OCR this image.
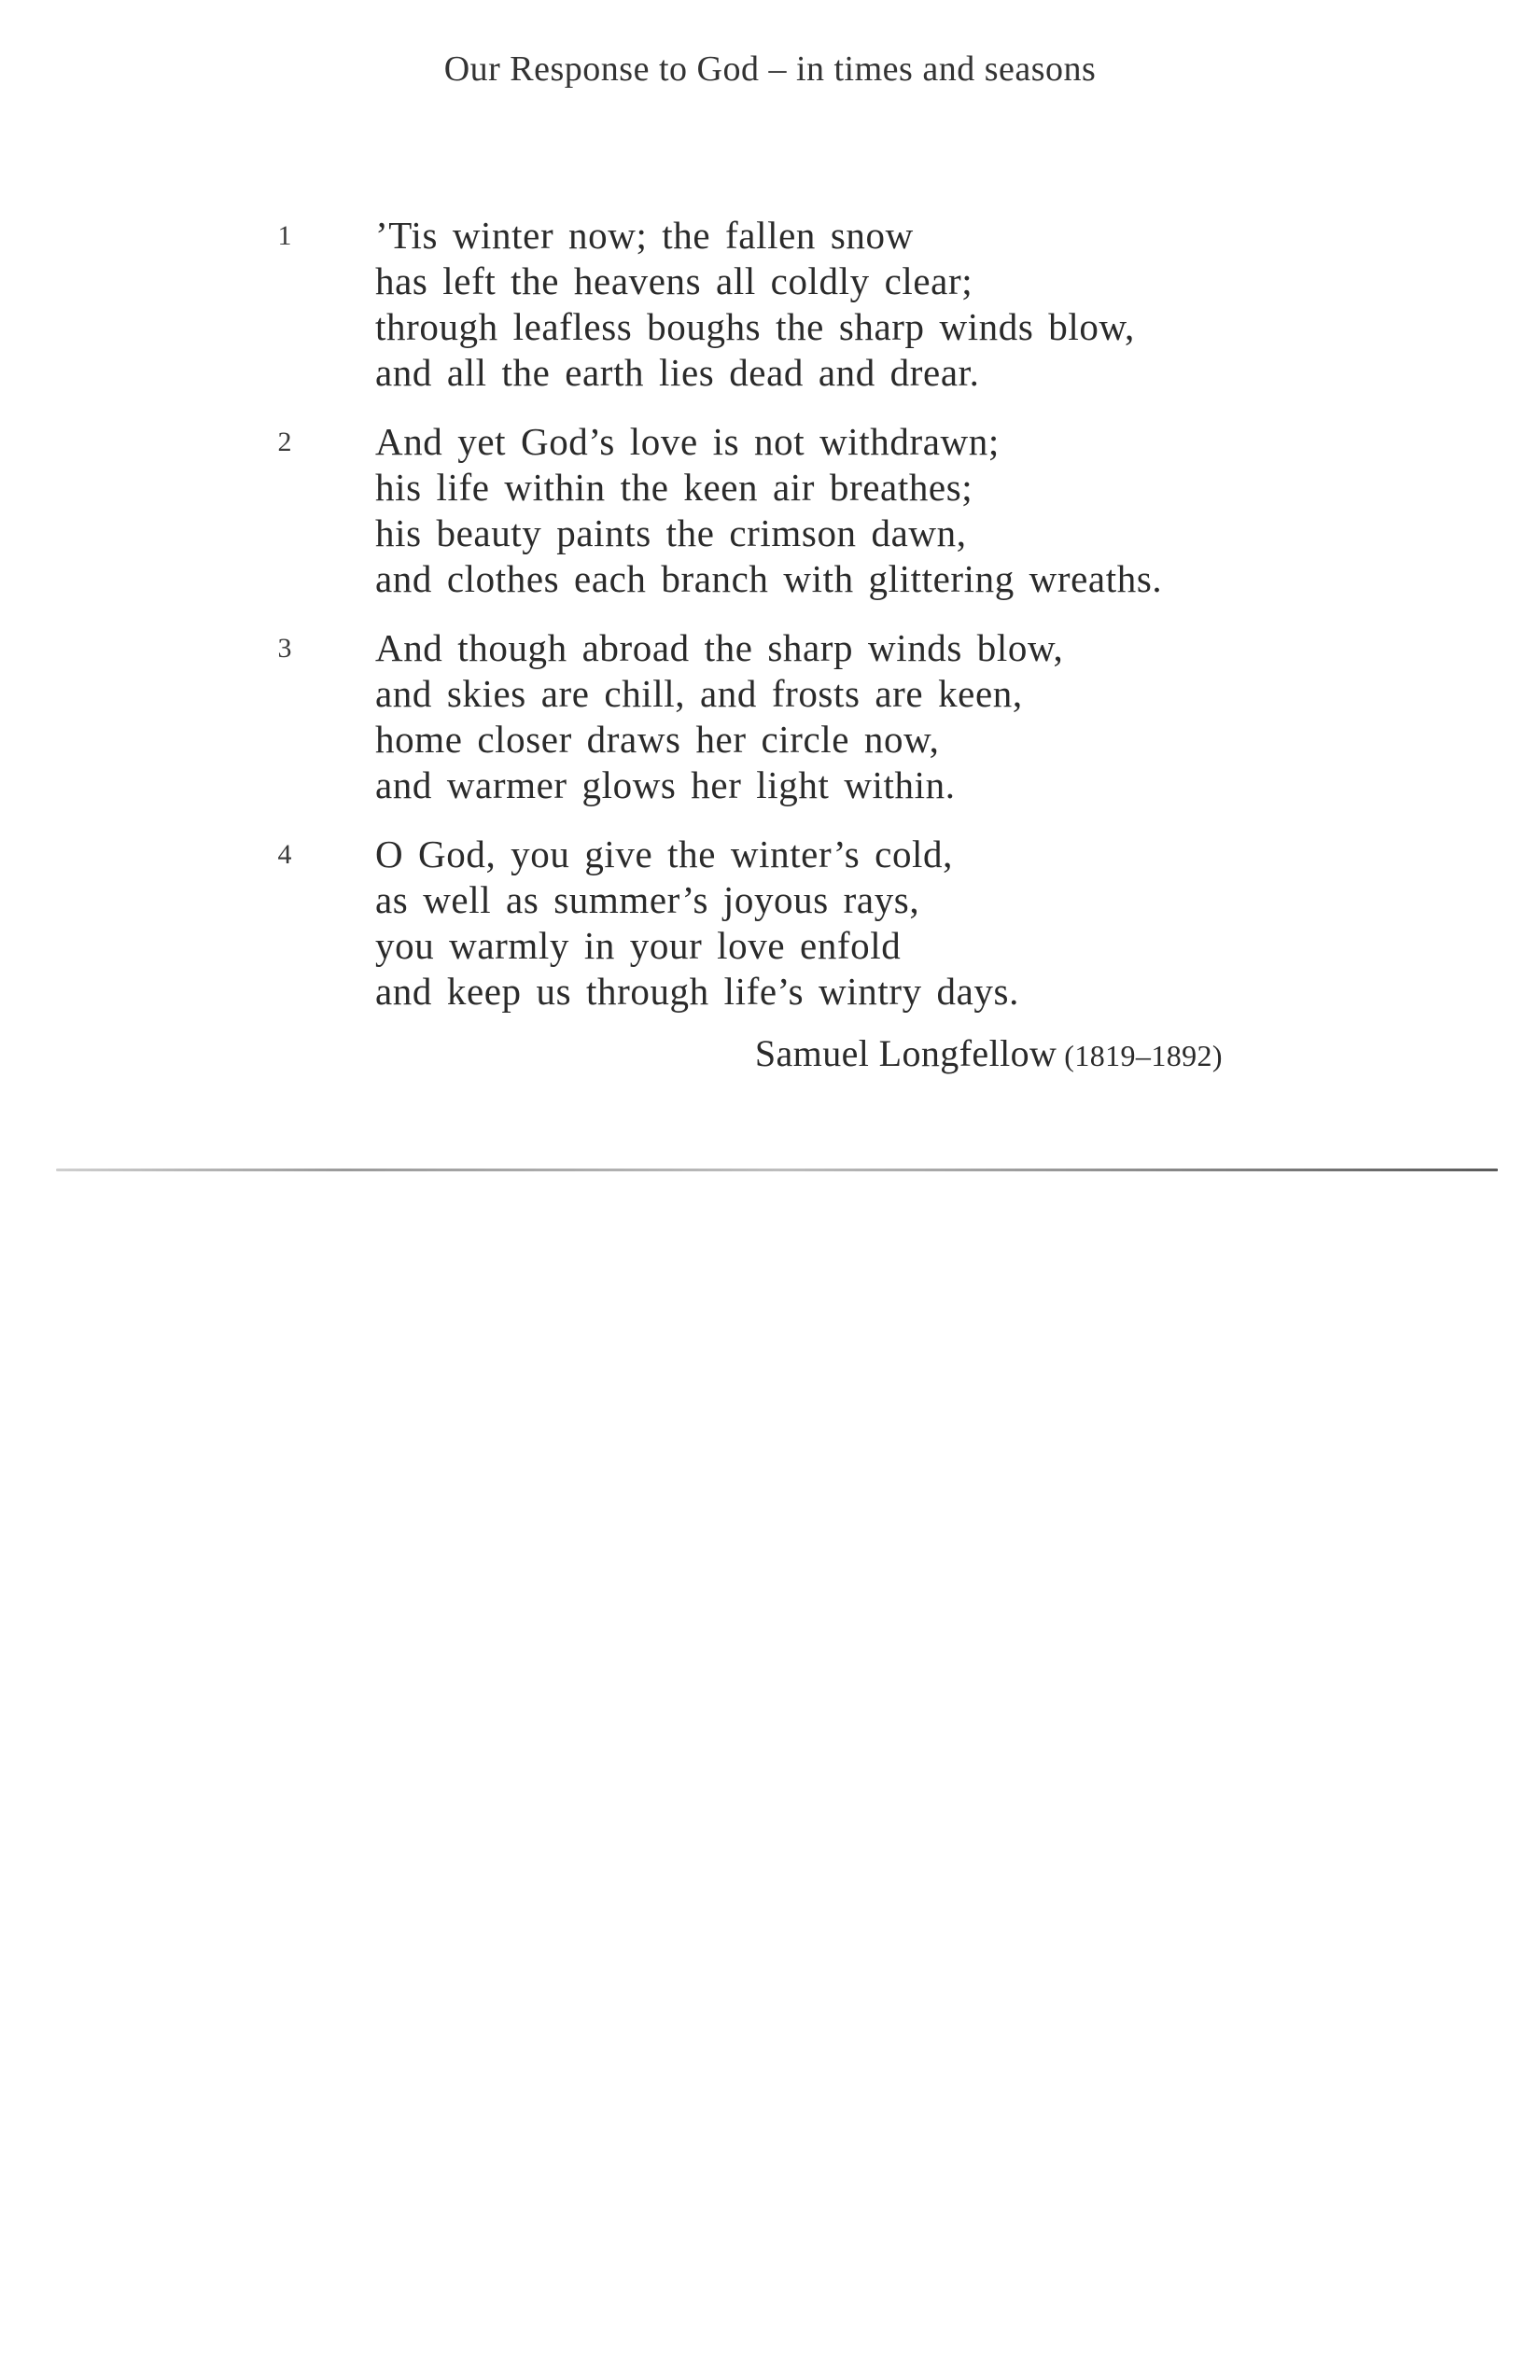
Our Response to God – in times and seasons
1 ’Tis winter now; the fallen snow
has left the heavens all coldly clear;
through leafless boughs the sharp winds blow,
and all the earth lies dead and drear.
2 And yet God’s love is not withdrawn;
his life within the keen air breathes;
his beauty paints the crimson dawn,
and clothes each branch with glittering wreaths.
3 And though abroad the sharp winds blow,
and skies are chill, and frosts are keen,
home closer draws her circle now,
and warmer glows her light within.
4 O God, you give the winter’s cold,
as well as summer’s joyous rays,
you warmly in your love enfold
and keep us through life’s wintry days.
Samuel Longfellow (1819–1892)
